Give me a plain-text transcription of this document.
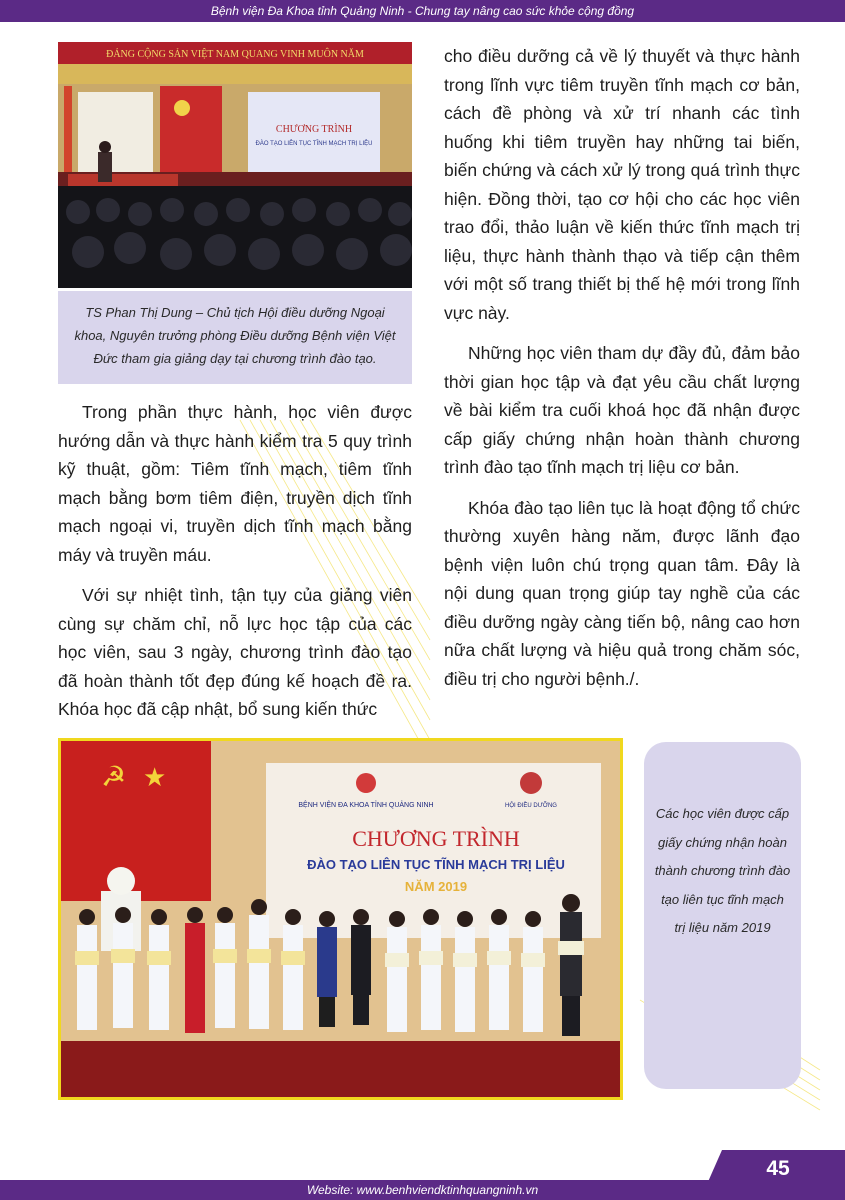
Bệnh viện Đa Khoa tỉnh Quảng Ninh - Chung tay nâng cao sức khỏe cộng đồng
ĐẢNG CỘNG SẢN VIỆT NAM QUANG VINH MUÔN NĂM
CHƯƠNG TRÌNH
ĐÀO TẠO LIÊN TỤC TĨNH MẠCH TRỊ LIỆU
TS Phan Thị Dung – Chủ tịch Hội điều dưỡng Ngoại khoa, Nguyên trưởng phòng Điều dưỡng Bệnh viện Việt Đức tham gia giảng dạy tại chương trình đào tạo.

Trong phần thực hành, học viên được hướng dẫn và thực hành kiểm tra 5 quy trình kỹ thuật, gồm: Tiêm tĩnh mạch, tiêm tĩnh mạch bằng bơm tiêm điện, truyền dịch tĩnh mạch ngoại vi, truyền dịch tĩnh mạch bằng máy và truyền máu.

Với sự nhiệt tình, tận tụy của giảng viên cùng sự chăm chỉ, nỗ lực học tập của các học viên, sau 3 ngày, chương trình đào tạo đã hoàn thành tốt đẹp đúng kế hoạch đề ra. Khóa học đã cập nhật, bổ sung kiến thức

cho điều dưỡng cả về lý thuyết và thực hành trong lĩnh vực tiêm truyền tĩnh mạch cơ bản, cách đề phòng và xử trí nhanh các tình huống khi tiêm truyền hay những tai biến, biến chứng và cách xử lý trong quá trình thực hiện. Đồng thời, tạo cơ hội cho các học viên trao đổi, thảo luận về kiến thức tĩnh mạch trị liệu, thực hành thành thạo và tiếp cận thêm với một số trang thiết bị thế hệ mới trong lĩnh vực này.

Những học viên tham dự đầy đủ, đảm bảo thời gian học tập và đạt yêu cầu chất lượng về bài kiểm tra cuối khoá học đã nhận được cấp giấy chứng nhận hoàn thành chương trình đào tạo tĩnh mạch trị liệu cơ bản.

Khóa đào tạo liên tục là hoạt động tổ chức thường xuyên hàng năm, được lãnh đạo bệnh viện luôn chú trọng quan tâm. Đây là nội dung quan trọng giúp tay nghề của các điều dưỡng ngày càng tiến bộ, nâng cao hơn nữa chất lượng và hiệu quả trong chăm sóc, điều trị cho người bệnh./.

☭ ★
BỆNH VIỆN ĐA KHOA TỈNH QUẢNG NINH	HỘI ĐIỀU DƯỠNG
CHƯƠNG TRÌNH
ĐÀO TẠO LIÊN TỤC TĨNH MẠCH TRỊ LIỆU
NĂM 2019
Các học viên được cấp giấy chứng nhận hoàn thành chương trình đào tạo liên tục tĩnh mạch trị liệu năm 2019
45
Website: www.benhviendktinhquangninh.vn
